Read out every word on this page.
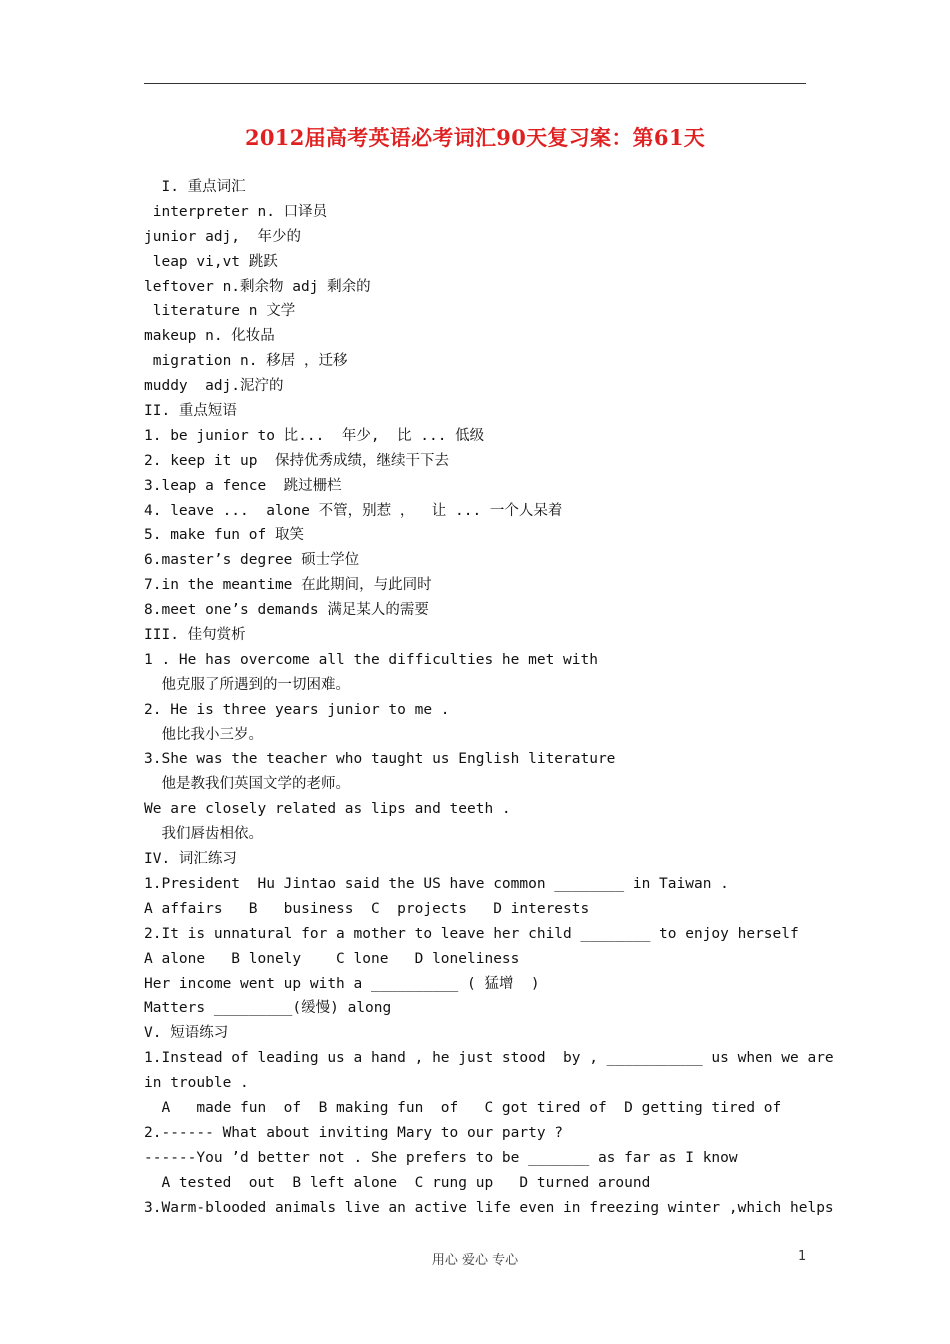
2012届高考英语必考词汇90天复习案：第61天
I. 重点词汇
interpreter n. 口译员
junior adj,  年少的
leap vi,vt 跳跃
leftover n.剩余物 adj 剩余的
literature n 文学
makeup n. 化妆品
migration n. 移居 ，迁移
muddy  adj.泥泞的
II. 重点短语
1. be junior to 比...  年少,  比 ... 低级
2. keep it up  保持优秀成绩，继续干下去
3.leap a fence  跳过栅栏
4. leave ...  alone 不管，别惹 ，  让 ... 一个人呆着
5. make fun of 取笑
6.master’s degree 硕士学位
7.in the meantime 在此期间，与此同时
8.meet one’s demands 满足某人的需要
III. 佳句赏析
1 . He has overcome all the difficulties he met with
他克服了所遇到的一切困难。
2. He is three years junior to me .
他比我小三岁。
3.She was the teacher who taught us English literature
他是教我们英国文学的老师。
We are closely related as lips and teeth .
我们唇齿相依。
IV. 词汇练习
1.President  Hu Jintao said the US have common ________ in Taiwan .
A affairs   B   business  C  projects   D interests
2.It is unnatural for a mother to leave her child ________ to enjoy herself
A alone   B lonely    C lone   D loneliness
Her income went up with a __________ ( 猛增  )
Matters _________(缓慢) along
V. 短语练习
1.Instead of leading us a hand , he just stood  by , ___________ us when we are
in trouble .
A   made fun  of  B making fun  of   C got tired of  D getting tired of
2.------ What about inviting Mary to our party ?
------You ’d better not . She prefers to be _______ as far as I know
A tested  out  B left alone  C rung up   D turned around
3.Warm-blooded animals live an active life even in freezing winter ,which helps
用心 爱心 专心	1
